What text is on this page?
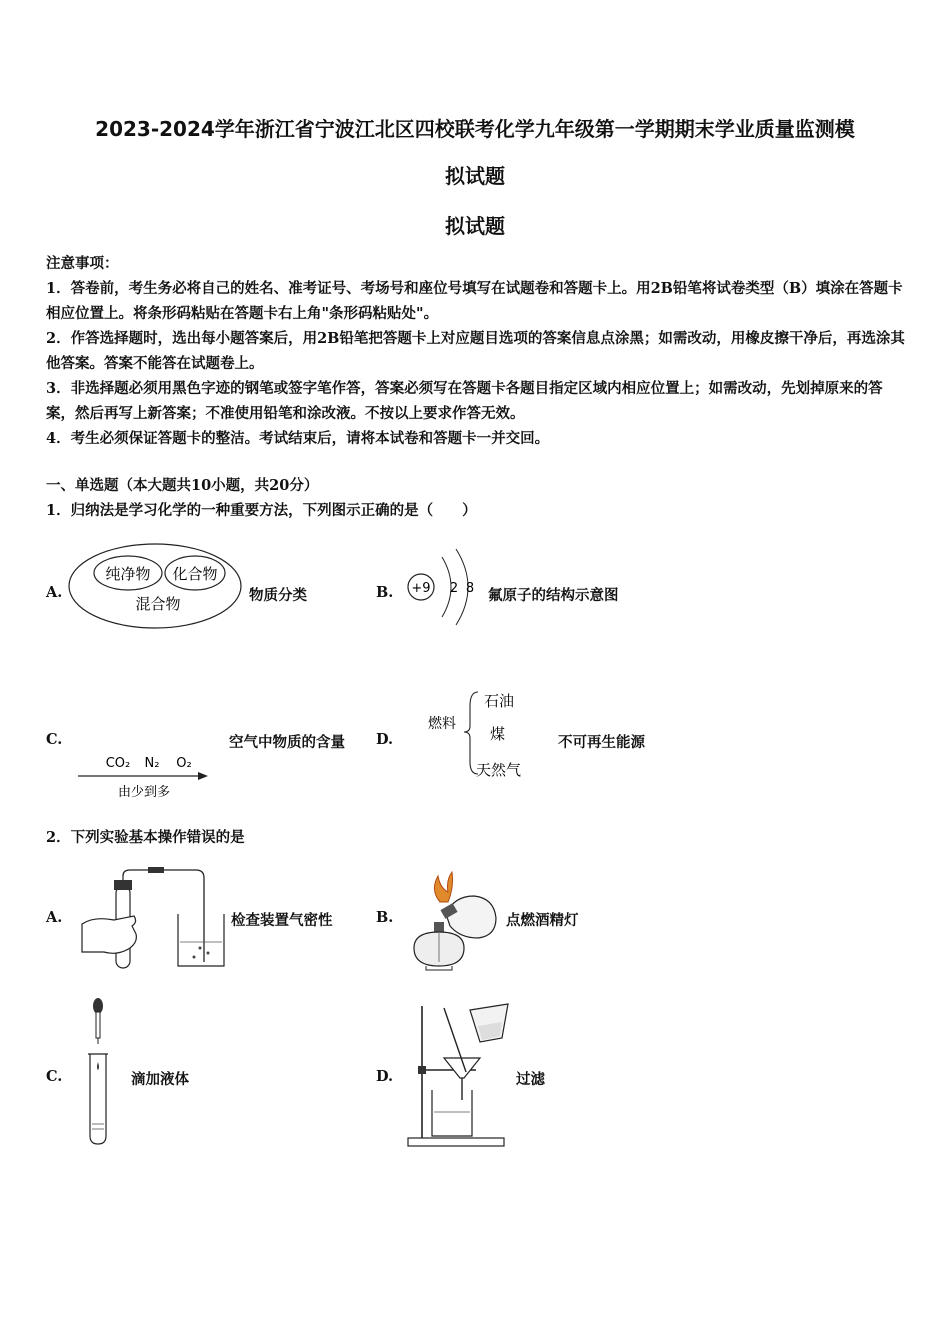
2023-2024学年浙江省宁波江北区四校联考化学九年级第一学期期末学业质量监测模
拟试题
拟试题
注意事项：

1．答卷前，考生务必将自己的姓名、准考证号、考场号和座位号填写在试题卷和答题卡上。用2B铅笔将试卷类型（B）填涂在答题卡相应位置上。将条形码粘贴在答题卡右上角"条形码粘贴处"。

2．作答选择题时，选出每小题答案后，用2B铅笔把答题卡上对应题目选项的答案信息点涂黑；如需改动，用橡皮擦干净后，再选涂其他答案。答案不能答在试题卷上。

3．非选择题必须用黑色字迹的钢笔或签字笔作答，答案必须写在答题卡各题目指定区域内相应位置上；如需改动，先划掉原来的答案，然后再写上新答案；不准使用铅笔和涂改液。不按以上要求作答无效。

4．考生必须保证答题卡的整洁。考试结束后，请将本试卷和答题卡一并交回。

一、单选题（本大题共10小题，共20分）
1．归纳法是学习化学的一种重要方法，下列图示正确的是（　　）
A.
纯净物 化合物
混合物	物质分类	B. +9 2 8 氟原子的结构示意图
C.
CO₂ N₂ O₂
由少到多
空气中物质的含量 D.
燃料
石油
煤
天然气
不可再生能源
2．下列实验基本操作错误的是
A.	检查装置气密性	B.	点燃酒精灯
C.	滴加液体	D.	过滤
